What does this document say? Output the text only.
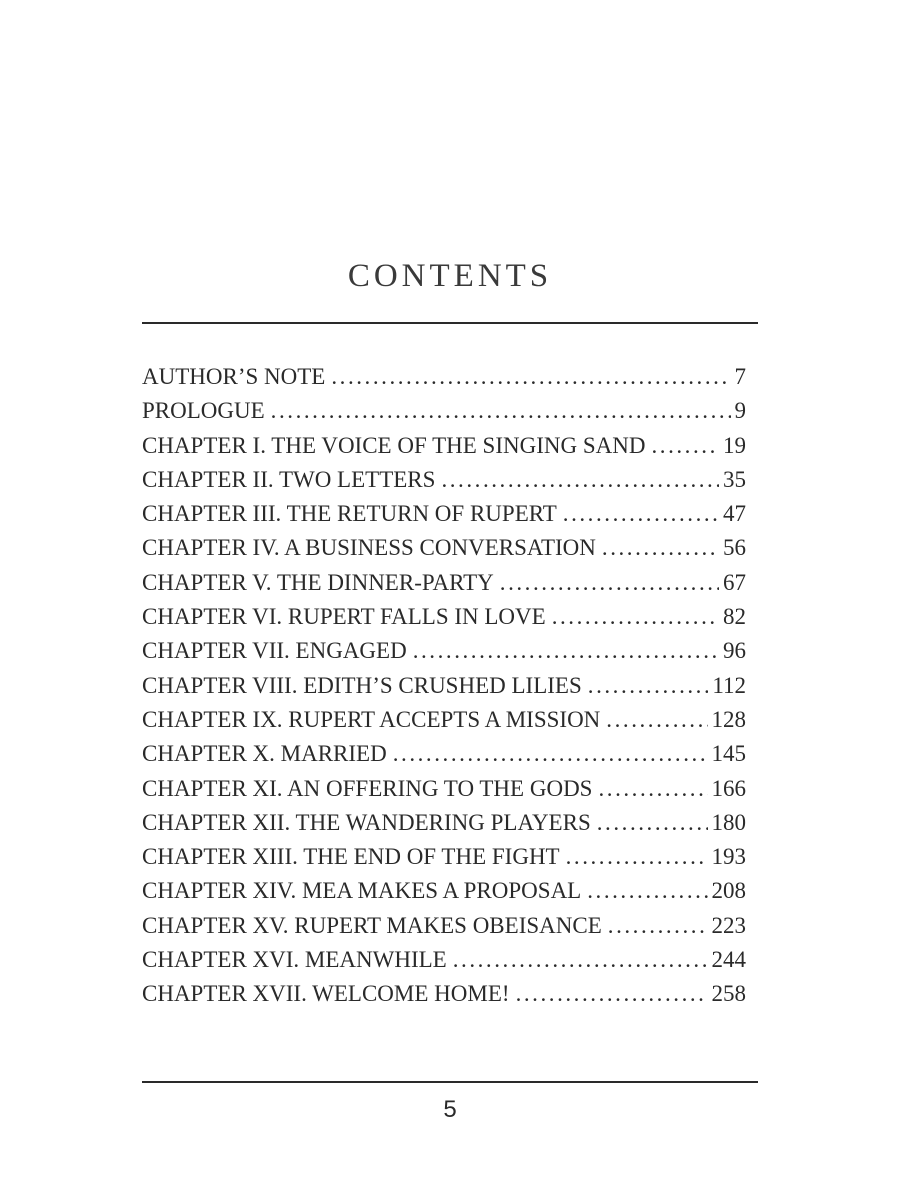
CONTENTS
AUTHOR’S NOTE . . .	7
PROLOGUE . . .	9
CHAPTER I. THE VOICE OF THE SINGING SAND . . .	19
CHAPTER II. TWO LETTERS . . .	35
CHAPTER III. THE RETURN OF RUPERT . . .	47
CHAPTER IV. A BUSINESS CONVERSATION . . .	56
CHAPTER V. THE DINNER-PARTY . . .	67
CHAPTER VI. RUPERT FALLS IN LOVE . . .	82
CHAPTER VII. ENGAGED . . .	96
CHAPTER VIII. EDITH’S CRUSHED LILIES . . .	112
CHAPTER IX. RUPERT ACCEPTS A MISSION . . .	128
CHAPTER X. MARRIED . . .	145
CHAPTER XI. AN OFFERING TO THE GODS . . .	166
CHAPTER XII. THE WANDERING PLAYERS . . .	180
CHAPTER XIII. THE END OF THE FIGHT . . .	193
CHAPTER XIV. MEA MAKES A PROPOSAL . . .	208
CHAPTER XV. RUPERT MAKES OBEISANCE . . .	223
CHAPTER XVI. MEANWHILE . . .	244
CHAPTER XVII. WELCOME HOME! . . .	258
5
